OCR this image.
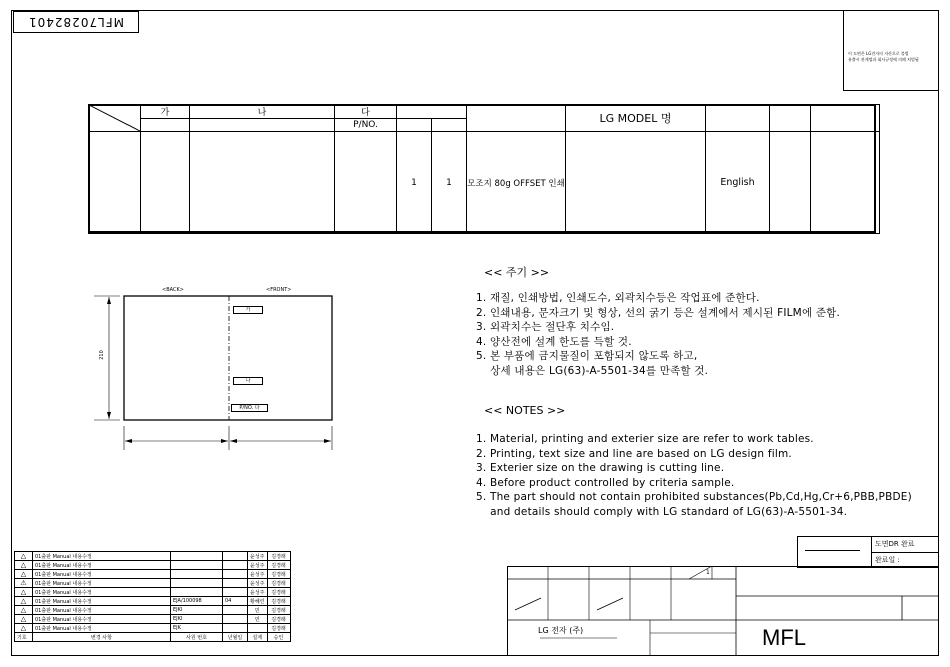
MFL70282401
이 도면은 LG전자의 자산으로 불법
유출시 관계법과 회사규정에 의해 처벌됨
	가	나	다				LG MODEL 명			
			P/NO.							
				1	1	모조지 80g OFFSET 인쇄		English		
<BACK>	<FRONT>
210
가
나
P/NO. 다
<< 주기 >>
1. 재질, 인쇄방법, 인쇄도수, 외곽치수등은 작업표에 준한다.
2. 인쇄내용, 문자크기 및 형상, 선의 굵기 등은 설계에서 제시된 FILM에 준함.
3. 외곽치수는 절단후 치수임.
4. 양산전에 설계 한도를 득할 것.
5. 본 부품에 금지물질이 포함되지 않도록 하고,
상세 내용은 LG(63)-A-5501-34를 만족할 것.
<< NOTES >>
1. Material, printing and exterier size are refer to work tables.
2. Printing, text size and line are based on LG design film.
3. Exterier size on the drawing is cutting line.
4. Before product controlled by criteria sample.
5. The part should not contain prohibited substances(Pb,Cd,Hg,Cr+6,PBB,PBDE)
and details should comply with LG standard of LG(63)-A-5501-34.
△	01출판 Manual 내용수정			윤성주	김경래
△	01출판 Manual 내용수정			윤성주	김경래
△	01출판 Manual 내용수정			윤성주	김경래
⚠	01출판 Manual 내용수정			윤성주	김경래
△	01출판 Manual 내용수정			윤성주	김경래
△	01출판 Manual 내용수정	EJA/100098	04	황혜린	김경래
△	01출판 Manual 내용수정	EJKI		민	김경래
△	01출판 Manual 내용수정	EJKI		민	김경래
△	01출판 Manual 내용수정	EJK			김경래
기호	변경 사항	사원 번호	년월일	설계	승인
도면DR 완료
완료일 :
1
LG 전자 (주)	MFL
